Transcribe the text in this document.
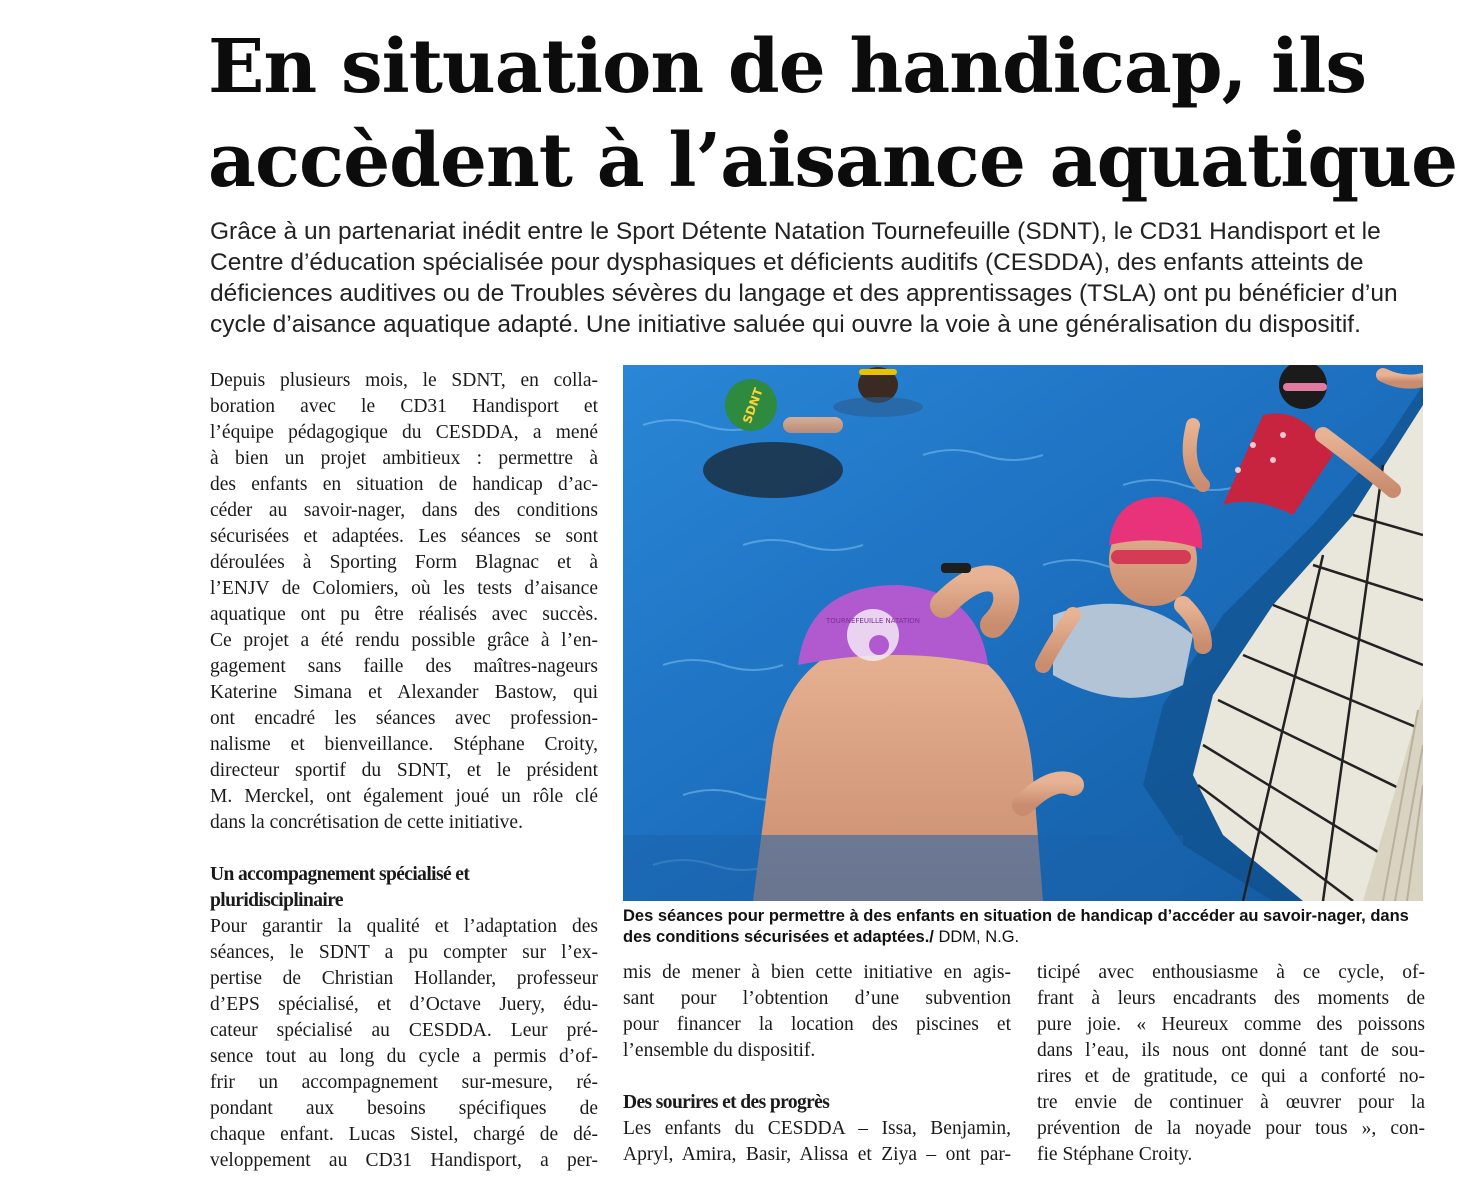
En situation de handicap, ils
accèdent à l’aisance aquatique
Grâce à un partenariat inédit entre le Sport Détente Natation Tournefeuille (SDNT), le CD31 Handisport et le
Centre d’éducation spécialisée pour dysphasiques et déficients auditifs (CESDDA), des enfants atteints de
déficiences auditives ou de Troubles sévères du langage et des apprentissages (TSLA) ont pu bénéficier d’un
cycle d’aisance aquatique adapté. Une initiative saluée qui ouvre la voie à une généralisation du dispositif.
Depuis plusieurs mois, le SDNT, en colla-
boration avec le CD31 Handisport et
l’équipe pédagogique du CESDDA, a mené
à bien un projet ambitieux : permettre à
des enfants en situation de handicap d’ac-
céder au savoir-nager, dans des conditions
sécurisées et adaptées. Les séances se sont
déroulées à Sporting Form Blagnac et à
l’ENJV de Colomiers, où les tests d’aisance
aquatique ont pu être réalisés avec succès.
Ce projet a été rendu possible grâce à l’en-
gagement sans faille des maîtres-nageurs
Katerine Simana et Alexander Bastow, qui
ont encadré les séances avec profession-
nalisme et bienveillance. Stéphane Croity,
directeur sportif du SDNT, et le président
M. Merckel, ont également joué un rôle clé
dans la concrétisation de cette initiative.
Un accompagnement spécialisé et
pluridisciplinaire
Pour garantir la qualité et l’adaptation des
séances, le SDNT a pu compter sur l’ex-
pertise de Christian Hollander, professeur
d’EPS spécialisé, et d’Octave Juery, édu-
cateur spécialisé au CESDDA. Leur pré-
sence tout au long du cycle a permis d’of-
frir un accompagnement sur-mesure, ré-
pondant aux besoins spécifiques de
chaque enfant. Lucas Sistel, chargé de dé-
veloppement au CD31 Handisport, a per-
SDNT
TOURNEFEUILLE NATATION
Des séances pour permettre à des enfants en situation de handicap d’accéder au savoir-nager, dans
des conditions sécurisées et adaptées./ DDM, N.G.
mis de mener à bien cette initiative en agis-
sant pour l’obtention d’une subvention
pour financer la location des piscines et
l’ensemble du dispositif.
Des sourires et des progrès
Les enfants du CESDDA – Issa, Benjamin,
Apryl, Amira, Basir, Alissa et Ziya – ont par-
ticipé avec enthousiasme à ce cycle, of-
frant à leurs encadrants des moments de
pure joie. « Heureux comme des poissons
dans l’eau, ils nous ont donné tant de sou-
rires et de gratitude, ce qui a conforté no-
tre envie de continuer à œuvrer pour la
prévention de la noyade pour tous », con-
fie Stéphane Croity.
